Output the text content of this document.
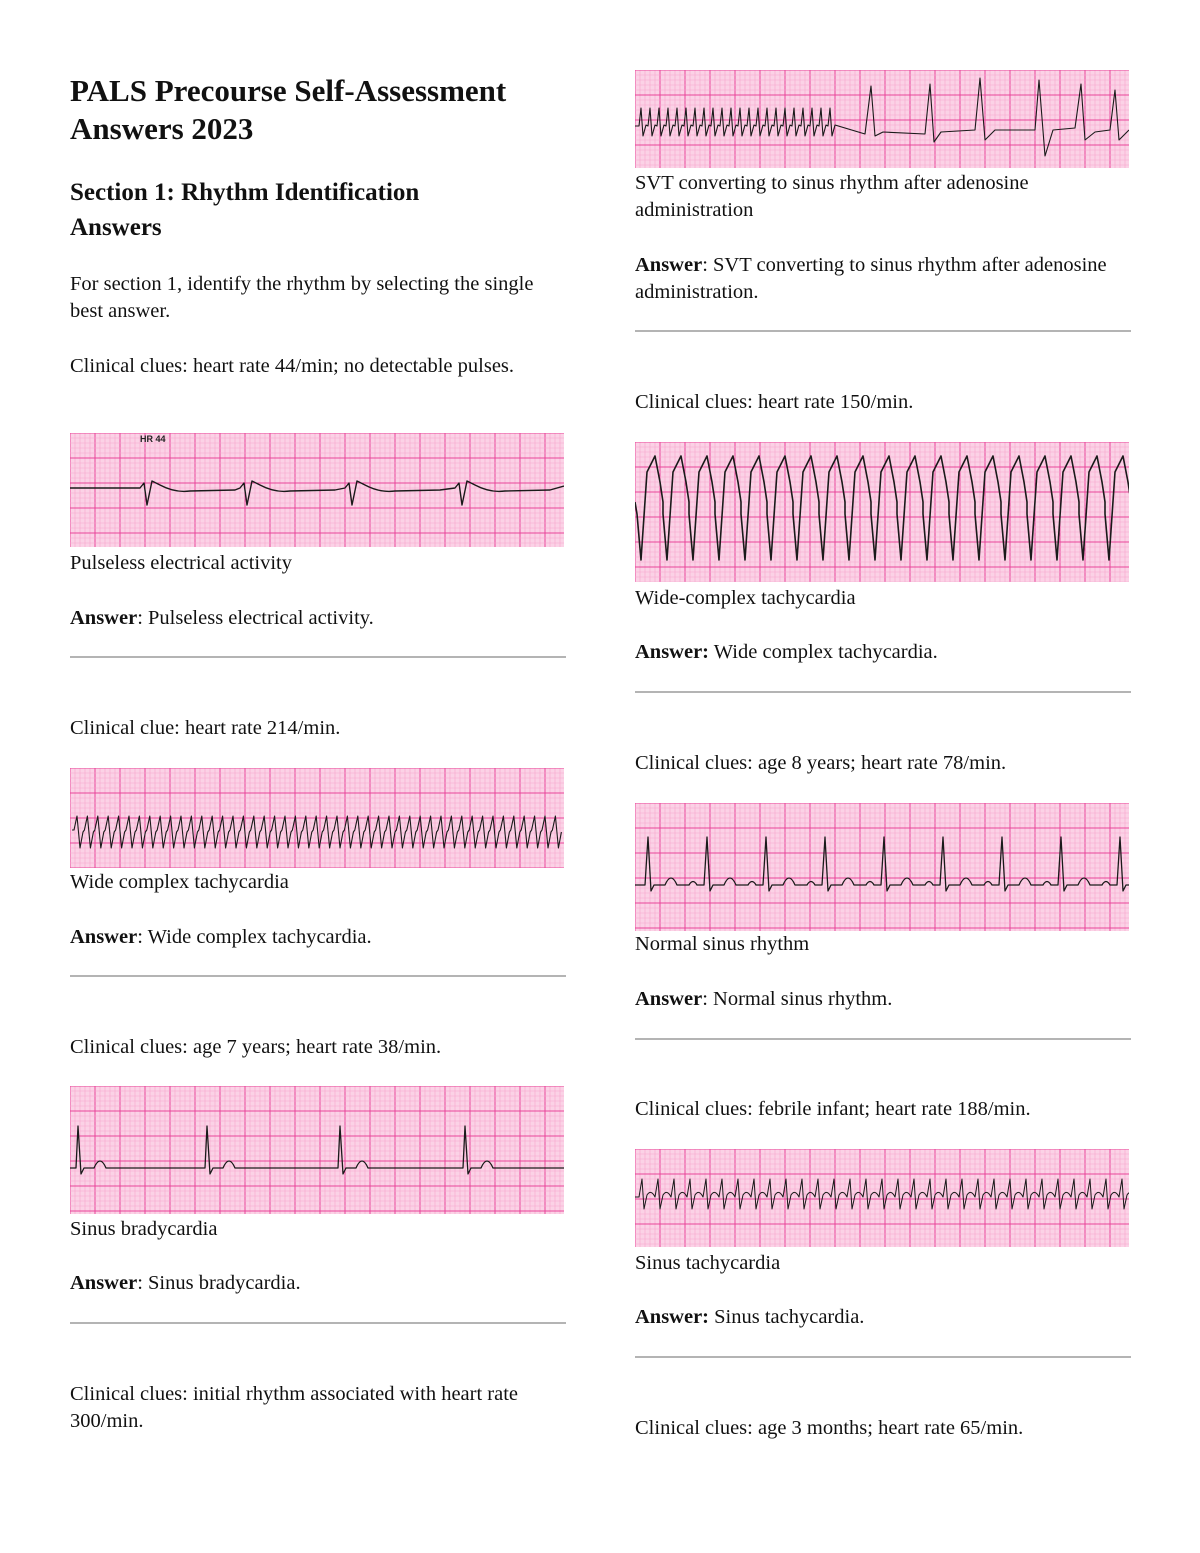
PALS Precourse Self-Assessment
Answers 2023
Section 1: Rhythm Identification
Answers

For section 1, identify the rhythm by selecting the single best answer.

Clinical clues: heart rate 44/min; no detectable pulses.

HR 44

Pulseless electrical activity

Answer: Pulseless electrical activity.

Clinical clue: heart rate 214/min.

Wide complex tachycardia

Answer: Wide complex tachycardia.

Clinical clues: age 7 years; heart rate 38/min.

Sinus bradycardia

Answer: Sinus bradycardia.

Clinical clues: initial rhythm associated with heart rate 300/min.

SVT converting to sinus rhythm after adenosine administration

Answer: SVT converting to sinus rhythm after adenosine administration.

Clinical clues: heart rate 150/min.

Wide-complex tachycardia

Answer: Wide complex tachycardia.

Clinical clues: age 8 years; heart rate 78/min.

Normal sinus rhythm

Answer: Normal sinus rhythm.

Clinical clues: febrile infant; heart rate 188/min.

Sinus tachycardia

Answer: Sinus tachycardia.

Clinical clues: age 3 months; heart rate 65/min.
